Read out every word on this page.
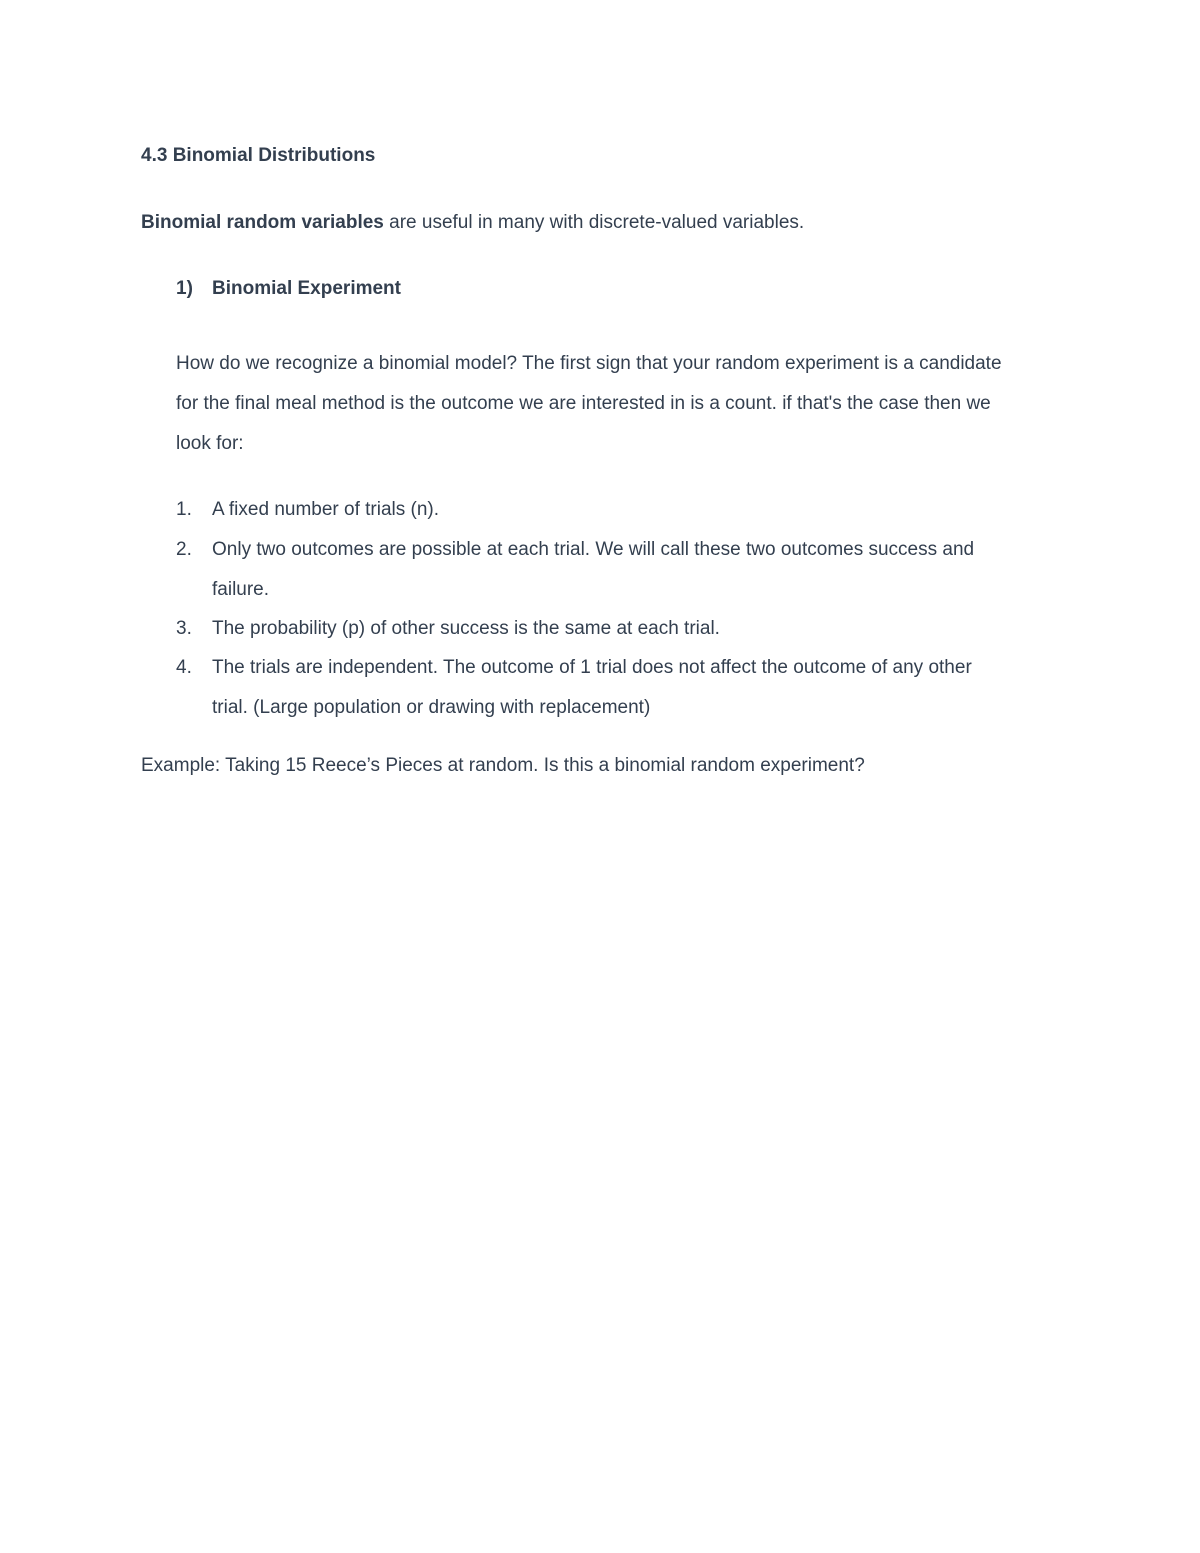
4.3 Binomial Distributions
Binomial random variables are useful in many with discrete-valued variables.
1) Binomial Experiment
How do we recognize a binomial model? The first sign that your random experiment is a candidate
for the final meal method is the outcome we are interested in is a count. if that's the case then we
look for:
1.	A fixed number of trials (n).
2.	Only two outcomes are possible at each trial. We will call these two outcomes success and
failure.
3.	The probability (p) of other success is the same at each trial.
4.	The trials are independent. The outcome of 1 trial does not affect the outcome of any other
trial. (Large population or drawing with replacement)
Example: Taking 15 Reece’s Pieces at random. Is this a binomial random experiment?
